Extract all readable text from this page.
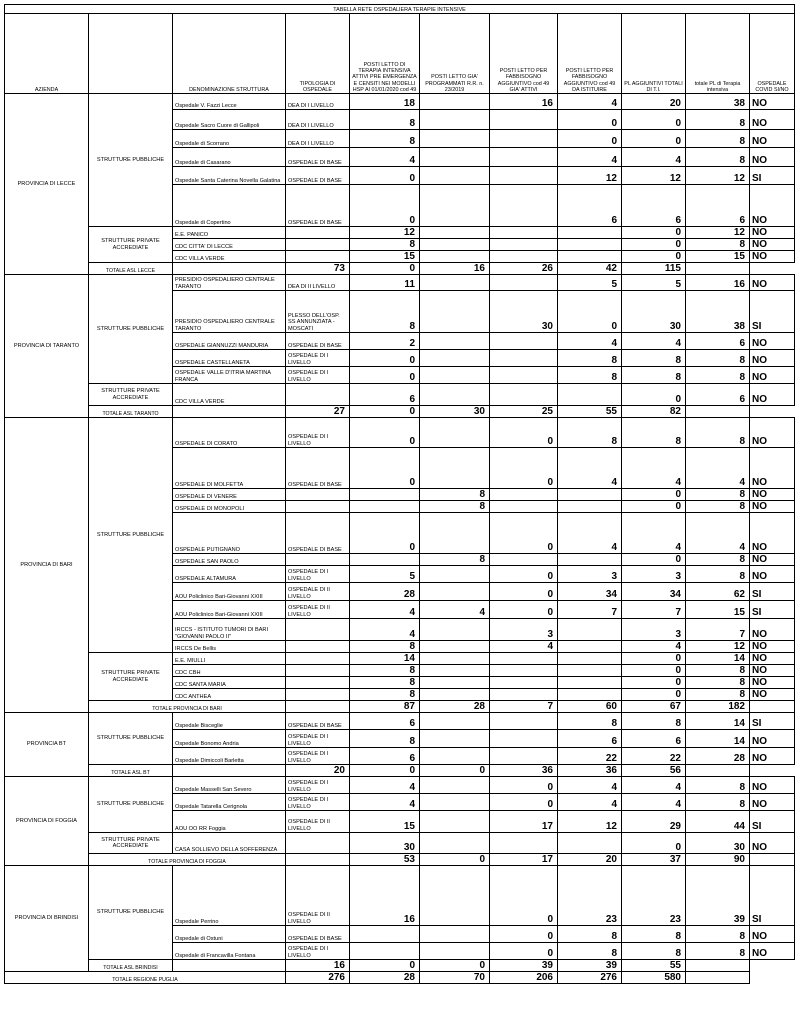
TABELLA RETE OSPEDALIERA TERAPIE INTENSIVE										
AZIENDA		DENOMINAZIONE STRUTTURA	TIPOLOGIA DI OSPEDALE	POSTI LETTO DI TERAPIA INTENSIVA ATTIVI PRE EMERGENZA E CENSITI NEI MODELLI HSP AI 01/01/2020 cod 49	POSTI LETTO GIA' PROGRAMMATI R.R. n. 23/2019	POSTI LETTO PER FABBISOGNO AGGIUNTIVO cod 49 GIA' ATTIVI	POSTI LETTO PER FABBISOGNO AGGIUNTIVO cod 49 DA ISTITUIRE	PL AGGIUNTIVI TOTALI DI T.I.	totale PL di Terapia intensiva	OSPEDALE COVID SI/NO
PROVINCIA DI LECCE	STRUTTURE PUBBLICHE	Ospedale V. Fazzi Lecce	DEA DI I LIVELLO	18		16	4	20	38	NO
		Ospedale Sacro Cuore di Gallipoli	DEA DI I LIVELLO	8			0	0	8	NO
		Ospedale di Scorrano	DEA DI I LIVELLO	8			0	0	8	NO
		Ospedale di Casarano	OSPEDALE DI BASE	4			4	4	8	NO
		Ospedale Santa Caterina Novella Galatina	OSPEDALE DI BASE	0			12	12	12	SI
		Ospedale di Copertino	OSPEDALE DI BASE	0			6	6	6	NO
	STRUTTURE PRIVATE ACCREDIATE	E.E. PANICO		12				0	12	NO
		CDC CITTA' DI LECCE		8				0	8	NO
		CDC VILLA VERDE		15				0	15	NO
	TOTALE ASL LECCE		73	0	16	26	42	115		
PROVINCIA DI TARANTO	STRUTTURE PUBBLICHE	PRESIDIO OSPEDALIERO CENTRALE TARANTO	DEA DI II LIVELLO	11			5	5	16	NO
		PRESIDIO OSPEDALIERO CENTRALE TARANTO	PLESSO DELL'OSP. SS ANNUNZIATA - MOSCATI	8		30	0	30	38	SI
		OSPEDALE GIANNUZZI MANDURIA	OSPEDALE DI BASE	2			4	4	6	NO
		OSPEDALE CASTELLANETA	OSPEDALE DI I LIVELLO	0			8	8	8	NO
		OSPEDALE VALLE D'ITRIA MARTINA FRANCA	OSPEDALE DI I LIVELLO	0			8	8	8	NO
	STRUTTURE PRIVATE ACCREDIATE	CDC VILLA VERDE		6				0	6	NO
	TOTALE ASL TARANTO		27	0	30	25	55	82		
PROVINCIA DI BARI	STRUTTURE PUBBLICHE	OSPEDALE DI CORATO	OSPEDALE DI I LIVELLO	0		0	8	8	8	NO
		OSPEDALE DI MOLFETTA	OSPEDALE DI BASE	0		0	4	4	4	NO
		OSPEDALE DI VENERE			8			0	8	NO
		OSPEDALE DI MONOPOLI			8			0	8	NO
		OSPEDALE PUTIGNANO	OSPEDALE DI BASE	0		0	4	4	4	NO
		OSPEDALE SAN PAOLO			8			0	8	NO
		OSPEDALE ALTAMURA	OSPEDALE DI I LIVELLO	5		0	3	3	8	NO
		AOU Policlinico Bari-Giovanni XXIII	OSPEDALE DI II LIVELLO	28		0	34	34	62	SI
		AOU Policlinico Bari-Giovanni XXIII	OSPEDALE DI II LIVELLO	4	4	0	7	7	15	SI
		IRCCS - ISTITUTO TUMORI DI BARI "GIOVANNI PAOLO II"		4		3		3	7	NO
		IRCCS De Bellis		8		4		4	12	NO
	STRUTTURE PRIVATE ACCREDIATE	E.E. MIULLI		14				0	14	NO
		CDC CBH		8				0	8	NO
		CDC SANTA MARIA		8				0	8	NO
		CDC ANTHEA		8				0	8	NO
	TOTALE PROVINCIA DI BARI			87	28	7	60	67	182	
PROVINCIA BT	STRUTTURE PUBBLICHE	Ospedale Bisceglie	OSPEDALE DI BASE	6			8	8	14	SI
		Ospedale Bonomo Andria	OSPEDALE DI I LIVELLO	8			6	6	14	NO
		Ospedale Dimiccoli Barletta	OSPEDALE DI I LIVELLO	6			22	22	28	NO
	TOTALE ASL BT		20	0	0	36	36	56		
PROVINCIA DI FOGGIA	STRUTTURE PUBBLICHE	Ospedale Masselli San Severo	OSPEDALE DI I LIVELLO	4		0	4	4	8	NO
		Ospedale Tatarella Cerignola	OSPEDALE DI I LIVELLO	4		0	4	4	8	NO
		AOU OO RR Foggia	OSPEDALE DI II LIVELLO	15		17	12	29	44	SI
	STRUTTURE PRIVATE ACCREDIATE	CASA SOLLIEVO DELLA SOFFERENZA		30				0	30	NO
	TOTALE PROVINCIA DI FOGGIA			53	0	17	20	37	90	
PROVINCIA DI BRINDISI	STRUTTURE PUBBLICHE	Ospedale Perrino	OSPEDALE DI II LIVELLO	16		0	23	23	39	SI
		Ospedale di Ostuni	OSPEDALE DI BASE			0	8	8	8	NO
		Ospedale di Francavilla Fontana	OSPEDALE DI I LIVELLO			0	8	8	8	NO
	TOTALE ASL BRINDISI		16	0	0	39	39	55		
TOTALE REGIONE PUGLIA			276	28	70	206	276	580		
